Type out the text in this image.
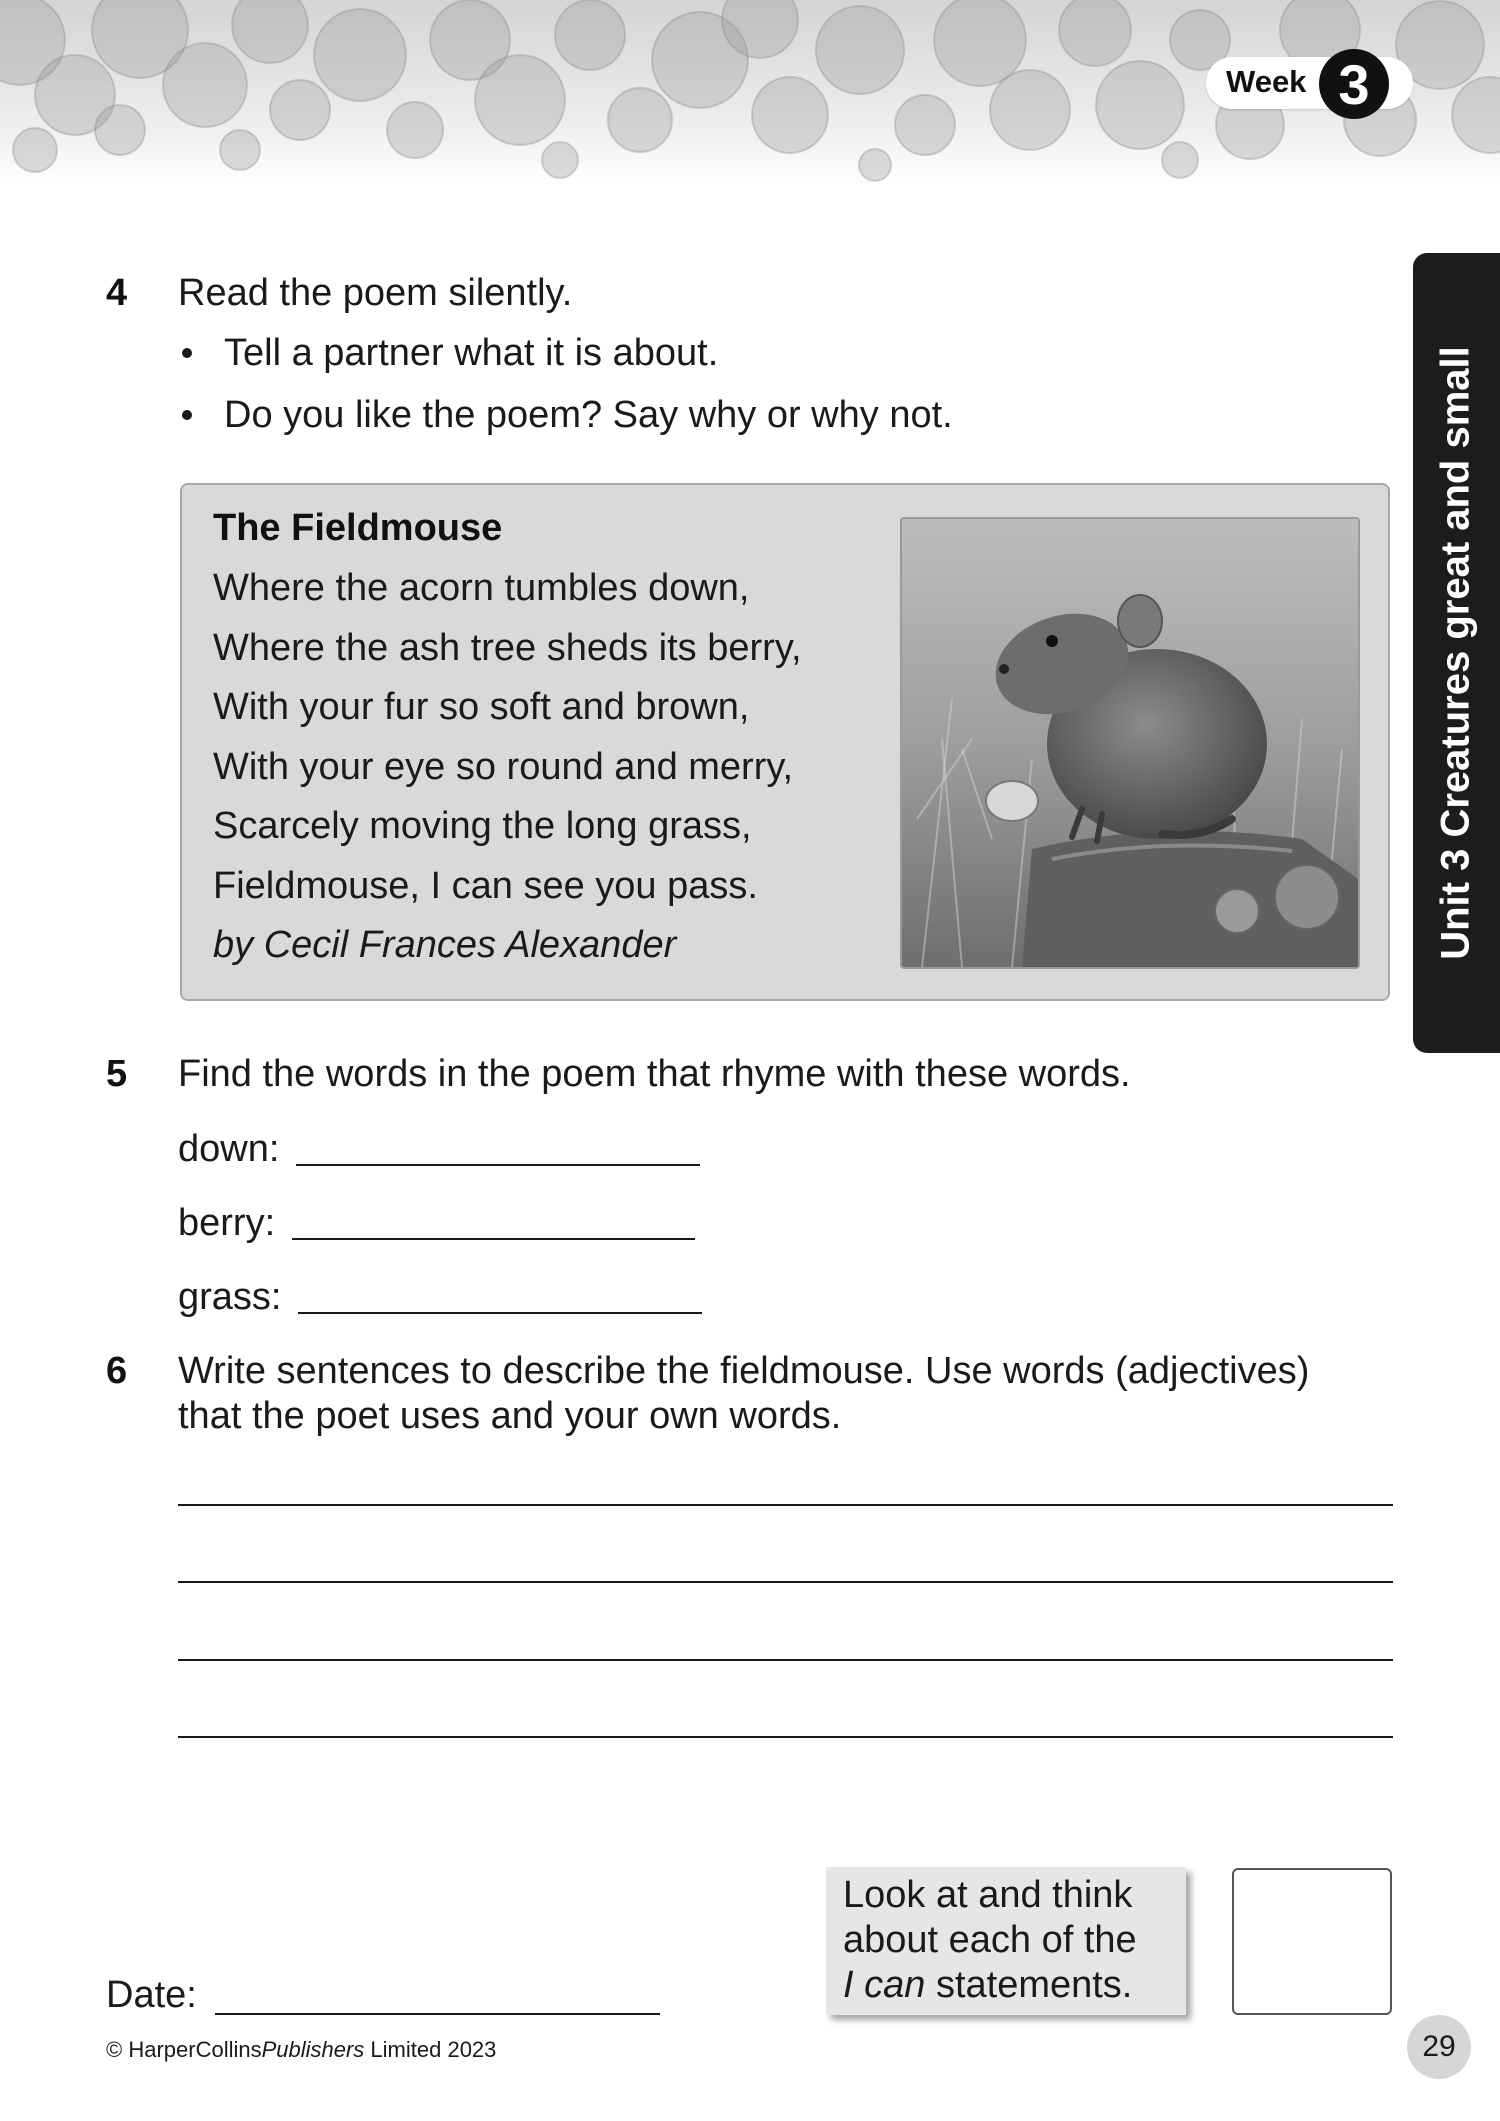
Week 3
Unit 3 Creatures great and small
4 Read the poem silently.
Tell a partner what it is about.
Do you like the poem? Say why or why not.
The Fieldmouse
Where the acorn tumbles down,
Where the ash tree sheds its berry,
With your fur so soft and brown,
With your eye so round and merry,
Scarcely moving the long grass,
Fieldmouse, I can see you pass.
by Cecil Frances Alexander
5 Find the words in the poem that rhyme with these words.
down:
berry:
grass:
6 Write sentences to describe the fieldmouse. Use words (adjectives)
that the poet uses and your own words.
Date:
Look at and think
about each of the
I can statements.
29
© HarperCollinsPublishers Limited 2023
